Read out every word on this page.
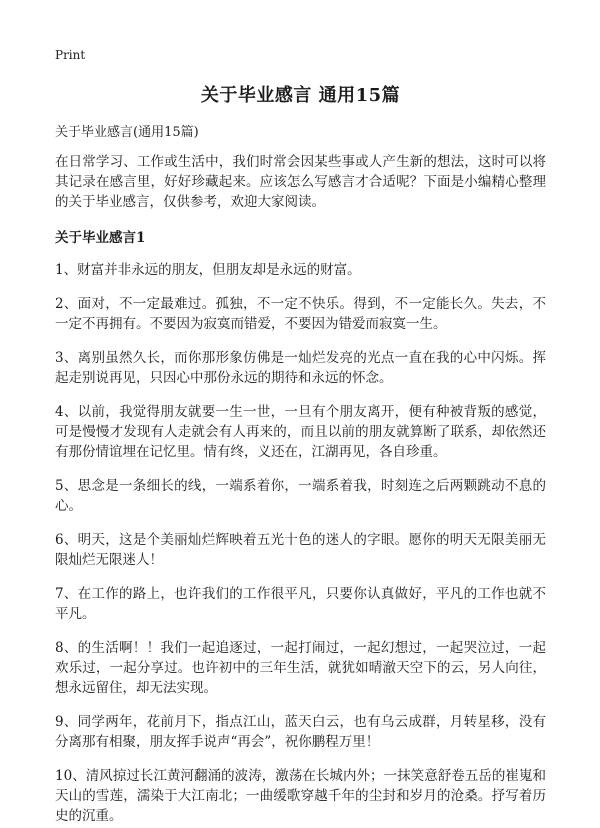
Print

关于毕业感言 通用15篇

关于毕业感言(通用15篇)

在日常学习、工作或生活中，我们时常会因某些事或人产生新的想法，这时可以将其记录在感言里，好好珍藏起来。应该怎么写感言才合适呢？下面是小编精心整理的关于毕业感言，仅供参考，欢迎大家阅读。

关于毕业感言1

1、财富并非永远的朋友，但朋友却是永远的财富。

2、面对，不一定最难过。孤独，不一定不快乐。得到，不一定能长久。失去，不一定不再拥有。不要因为寂寞而错爱，不要因为错爱而寂寞一生。

3、离别虽然久长，而你那形象仿佛是一灿烂发亮的光点一直在我的心中闪烁。挥起走别说再见，只因心中那份永远的期待和永远的怀念。

4、以前，我觉得朋友就要一生一世，一旦有个朋友离开，便有种被背叛的感觉，可是慢慢才发现有人走就会有人再来的，而且以前的朋友就算断了联系，却依然还有那份情谊埋在记忆里。情有终，义还在，江湖再见，各自珍重。

5、思念是一条细长的线，一端系着你，一端系着我，时刻连之后两颗跳动不息的心。

6、明天，这是个美丽灿烂辉映着五光十色的迷人的字眼。愿你的明天无限美丽无限灿烂无限迷人！

7、在工作的路上，也许我们的工作很平凡，只要你认真做好，平凡的工作也就不平凡。

8、的生活啊！！我们一起追逐过，一起打闹过，一起幻想过，一起哭泣过，一起欢乐过，一起分享过。也许初中的三年生活，就犹如晴澈天空下的云，另人向往，想永远留住，却无法实现。

9、同学两年，花前月下，指点江山，蓝天白云，也有乌云成群，月转星移，没有分离那有相聚，朋友挥手说声“再会”，祝你鹏程万里！

10、清风掠过长江黄河翻涌的波涛，激荡在长城内外；一抹笑意舒卷五岳的崔嵬和天山的雪莲，濡染于大江南北；一曲缓歌穿越千年的尘封和岁月的沧桑。抒写着历史的沉重。
